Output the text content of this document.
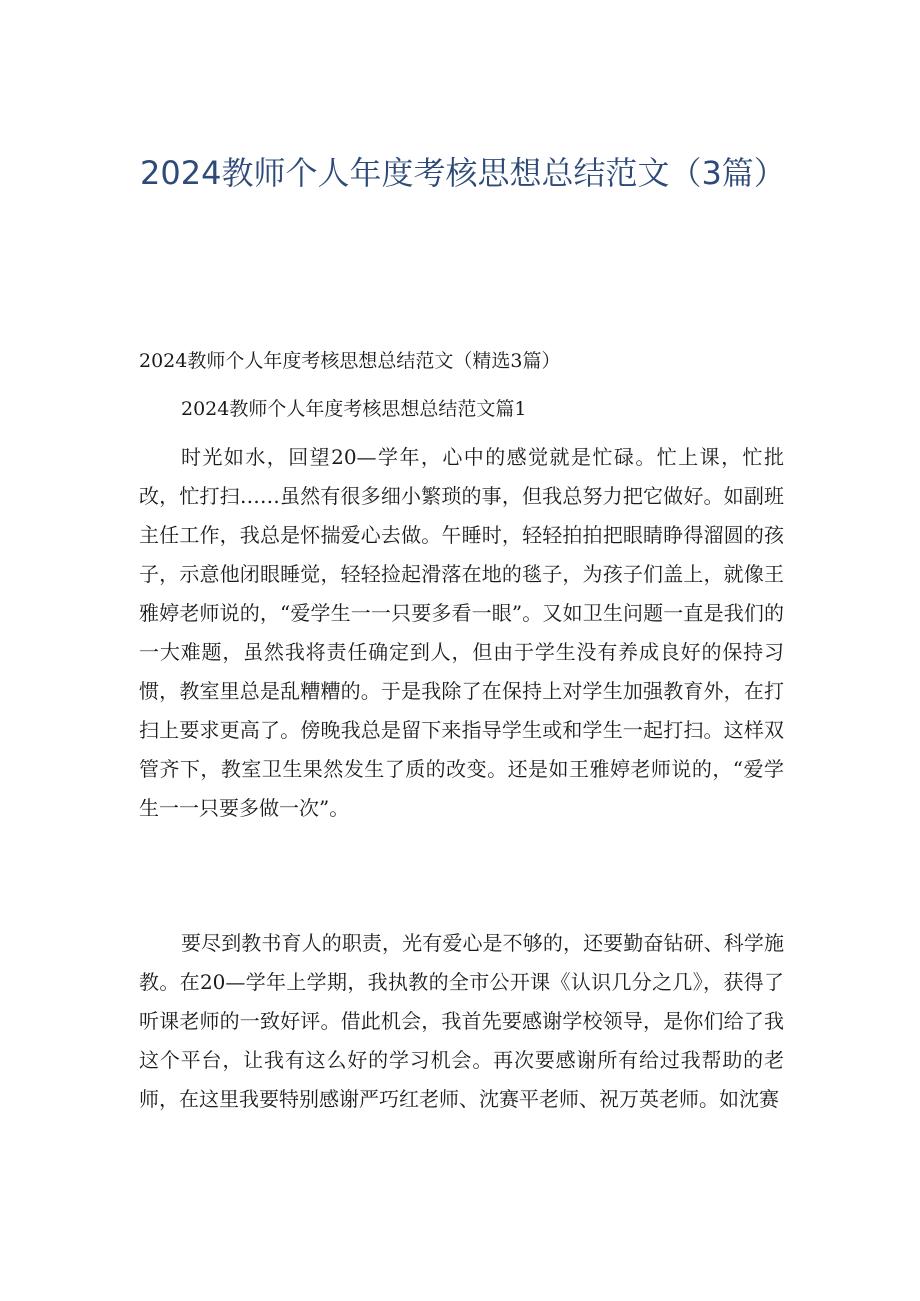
2024教师个人年度考核思想总结范文（3篇）

2024教师个人年度考核思想总结范文（精选3篇）

2024教师个人年度考核思想总结范文篇1

时光如水，回望20—学年，心中的感觉就是忙碌。忙上课，忙批改，忙打扫……虽然有很多细小繁琐的事，但我总努力把它做好。如副班主任工作，我总是怀揣爱心去做。午睡时，轻轻拍拍把眼睛睁得溜圆的孩子，示意他闭眼睡觉，轻轻捡起滑落在地的毯子，为孩子们盖上，就像王雅婷老师说的，“爱学生一一只要多看一眼”。又如卫生问题一直是我们的一大难题，虽然我将责任确定到人，但由于学生没有养成良好的保持习惯，教室里总是乱糟糟的。于是我除了在保持上对学生加强教育外，在打扫上要求更高了。傍晚我总是留下来指导学生或和学生一起打扫。这样双管齐下，教室卫生果然发生了质的改变。还是如王雅婷老师说的，“爱学生一一只要多做一次”。

要尽到教书育人的职责，光有爱心是不够的，还要勤奋钻研、科学施教。在20—学年上学期，我执教的全市公开课《认识几分之几》，获得了听课老师的一致好评。借此机会，我首先要感谢学校领导，是你们给了我这个平台，让我有这么好的学习机会。再次要感谢所有给过我帮助的老师，在这里我要特别感谢严巧红老师、沈赛平老师、祝万英老师。如沈赛
